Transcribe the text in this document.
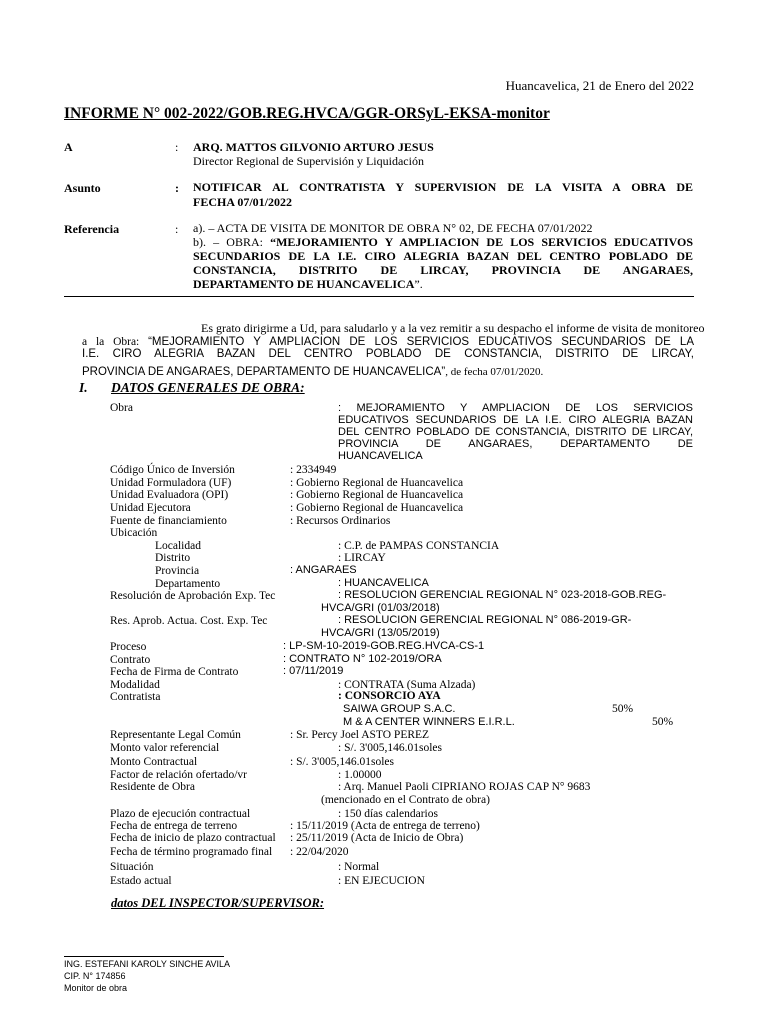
Huancavelica, 21 de Enero del 2022
INFORME N° 002-2022/GOB.REG.HVCA/GGR-ORSyL-EKSA-monitor
A	: ARQ. MATTOS GILVONIO ARTURO JESUS
Director Regional de Supervisión y Liquidación
Asunto	: NOTIFICAR AL CONTRATISTA Y SUPERVISION DE LA VISITA A OBRA DE
FECHA 07/01/2022
Referencia	: a). – ACTA DE VISITA DE MONITOR DE OBRA N° 02, DE FECHA 07/01/2022
b). – OBRA: “MEJORAMIENTO Y AMPLIACION DE LOS SERVICIOS EDUCATIVOS
SECUNDARIOS DE LA I.E. CIRO ALEGRIA BAZAN DEL CENTRO POBLADO DE
CONSTANCIA, DISTRITO DE LIRCAY, PROVINCIA DE ANGARAES,
DEPARTAMENTO DE HUANCAVELICA”.
Es grato dirigirme a Ud, para saludarlo y a la vez remitir a su despacho el informe de visita de monitoreo
a la Obra: “MEJORAMIENTO Y AMPLIACION DE LOS SERVICIOS EDUCATIVOS SECUNDARIOS DE LA
I.E. CIRO ALEGRIA BAZAN DEL CENTRO POBLADO DE CONSTANCIA, DISTRITO DE LIRCAY,
PROVINCIA DE ANGARAES, DEPARTAMENTO DE HUANCAVELICA”, de fecha 07/01/2020.
I. DATOS GENERALES DE OBRA:
Obra	: MEJORAMIENTO Y AMPLIACION DE LOS SERVICIOS
EDUCATIVOS SECUNDARIOS DE LA I.E. CIRO ALEGRIA BAZAN
DEL CENTRO POBLADO DE CONSTANCIA, DISTRITO DE LIRCAY,
PROVINCIA DE ANGARAES, DEPARTAMENTO DE
HUANCAVELICA
Código Único de Inversión	: 2334949
Unidad Formuladora (UF)	: Gobierno Regional de Huancavelica
Unidad Evaluadora (OPI)	: Gobierno Regional de Huancavelica
Unidad Ejecutora	: Gobierno Regional de Huancavelica
Fuente de financiamiento	: Recursos Ordinarios
Ubicación
Localidad	: C.P. de PAMPAS CONSTANCIA
Distrito	: LIRCAY
Provincia	: ANGARAES
Departamento	: HUANCAVELICA
Resolución de Aprobación Exp. Tec	: RESOLUCION GERENCIAL REGIONAL N° 023-2018-GOB.REG-
HVCA/GRI (01/03/2018)
Res. Aprob. Actua. Cost. Exp. Tec	: RESOLUCION GERENCIAL REGIONAL N° 086-2019-GR-
HVCA/GRI (13/05/2019)
Proceso	: LP-SM-10-2019-GOB.REG.HVCA-CS-1
Contrato	: CONTRATO N° 102-2019/ORA
Fecha de Firma de Contrato	: 07/11/2019
Modalidad	: CONTRATA (Suma Alzada)
Contratista	: CONSORCIO AYA
SAIWA GROUP S.A.C.	50%
M & A CENTER WINNERS E.I.R.L.	50%
Representante Legal Común	: Sr. Percy Joel ASTO PEREZ
Monto valor referencial	: S/. 3'005,146.01soles
Monto Contractual	: S/. 3'005,146.01soles
Factor de relación ofertado/vr	: 1.00000
Residente de Obra	: Arq. Manuel Paoli CIPRIANO ROJAS CAP N° 9683
(mencionado en el Contrato de obra)
Plazo de ejecución contractual	: 150 días calendarios
Fecha de entrega de terreno	: 15/11/2019 (Acta de entrega de terreno)
Fecha de inicio de plazo contractual : 25/11/2019 (Acta de Inicio de Obra)
Fecha de término programado final : 22/04/2020
Situación	: Normal
Estado actual	: EN EJECUCION
datos DEL INSPECTOR/SUPERVISOR:
ING. ESTEFANI KAROLY SINCHE AVILA
CIP. N° 174856
Monitor de obra
